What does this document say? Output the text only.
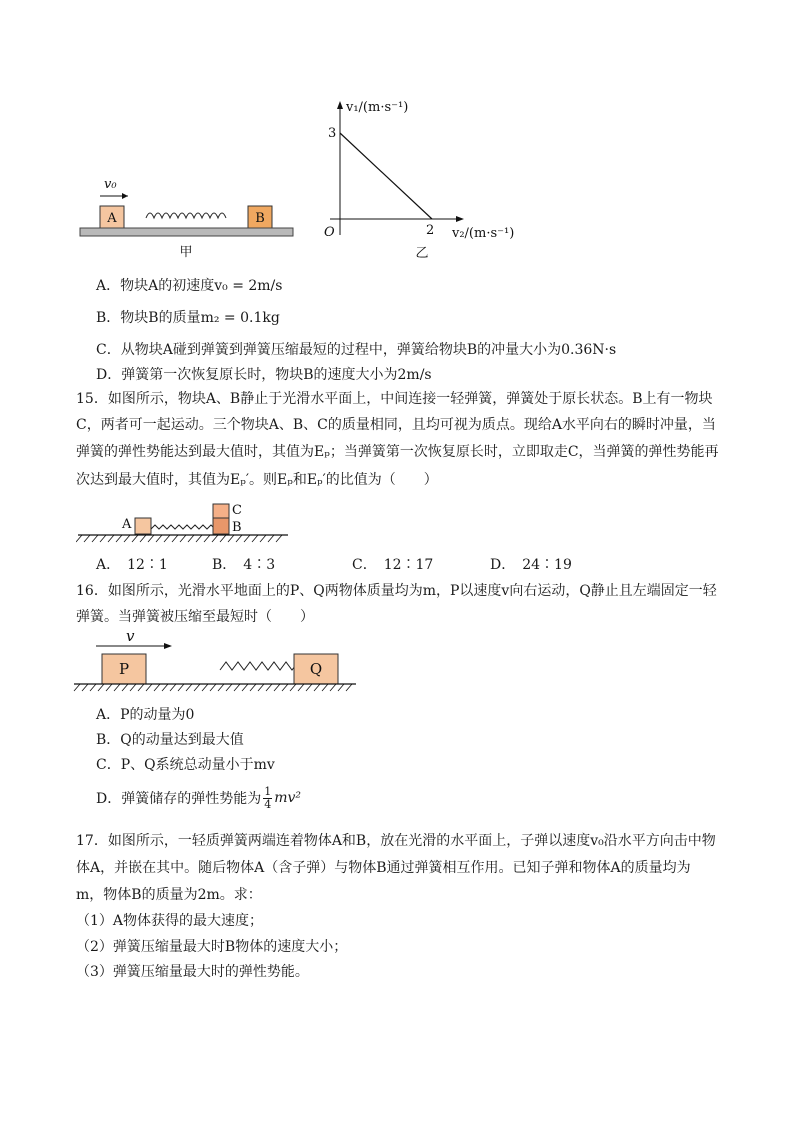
v₀
A	B
甲
v₁/(m·s⁻¹)
v₂/(m·s⁻¹)
O
3
2
乙
A．物块A的初速度v₀ = 2m/s
B．物块B的质量m₂ = 0.1kg
C．从物块A碰到弹簧到弹簧压缩最短的过程中，弹簧给物块B的冲量大小为0.36N·s
D．弹簧第一次恢复原长时，物块B的速度大小为2m/s
15．如图所示，物块A、B静止于光滑水平面上，中间连接一轻弹簧，弹簧处于原长状态。B上有一物块
C，两者可一起运动。三个物块A、B、C的质量相同，且均可视为质点。现给A水平向右的瞬时冲量，当
弹簧的弹性势能达到最大值时，其值为Eₚ；当弹簧第一次恢复原长时，立即取走C，当弹簧的弹性势能再
次达到最大值时，其值为Eₚ′。则Eₚ和Eₚ′的比值为（　　）
A
C
B
A．　12∶1	B．　4∶3	C．　12∶17	D．　24∶19
16．如图所示，光滑水平地面上的P、Q两物体质量均为m，P以速度v向右运动，Q静止且左端固定一轻
弹簧。当弹簧被压缩至最短时（　　）
v
P	Q
A．P的动量为0
B．Q的动量达到最大值
C．P、Q系统总动量小于mv
D．弹簧储存的弹性势能为 1
4 mv²
17．如图所示，一轻质弹簧两端连着物体A和B，放在光滑的水平面上，子弹以速度v₀沿水平方向击中物
体A，并嵌在其中。随后物体A（含子弹）与物体B通过弹簧相互作用。已知子弹和物体A的质量均为
m，物体B的质量为2m。求：
（1）A物体获得的最大速度；
（2）弹簧压缩量最大时B物体的速度大小；
（3）弹簧压缩量最大时的弹性势能。
